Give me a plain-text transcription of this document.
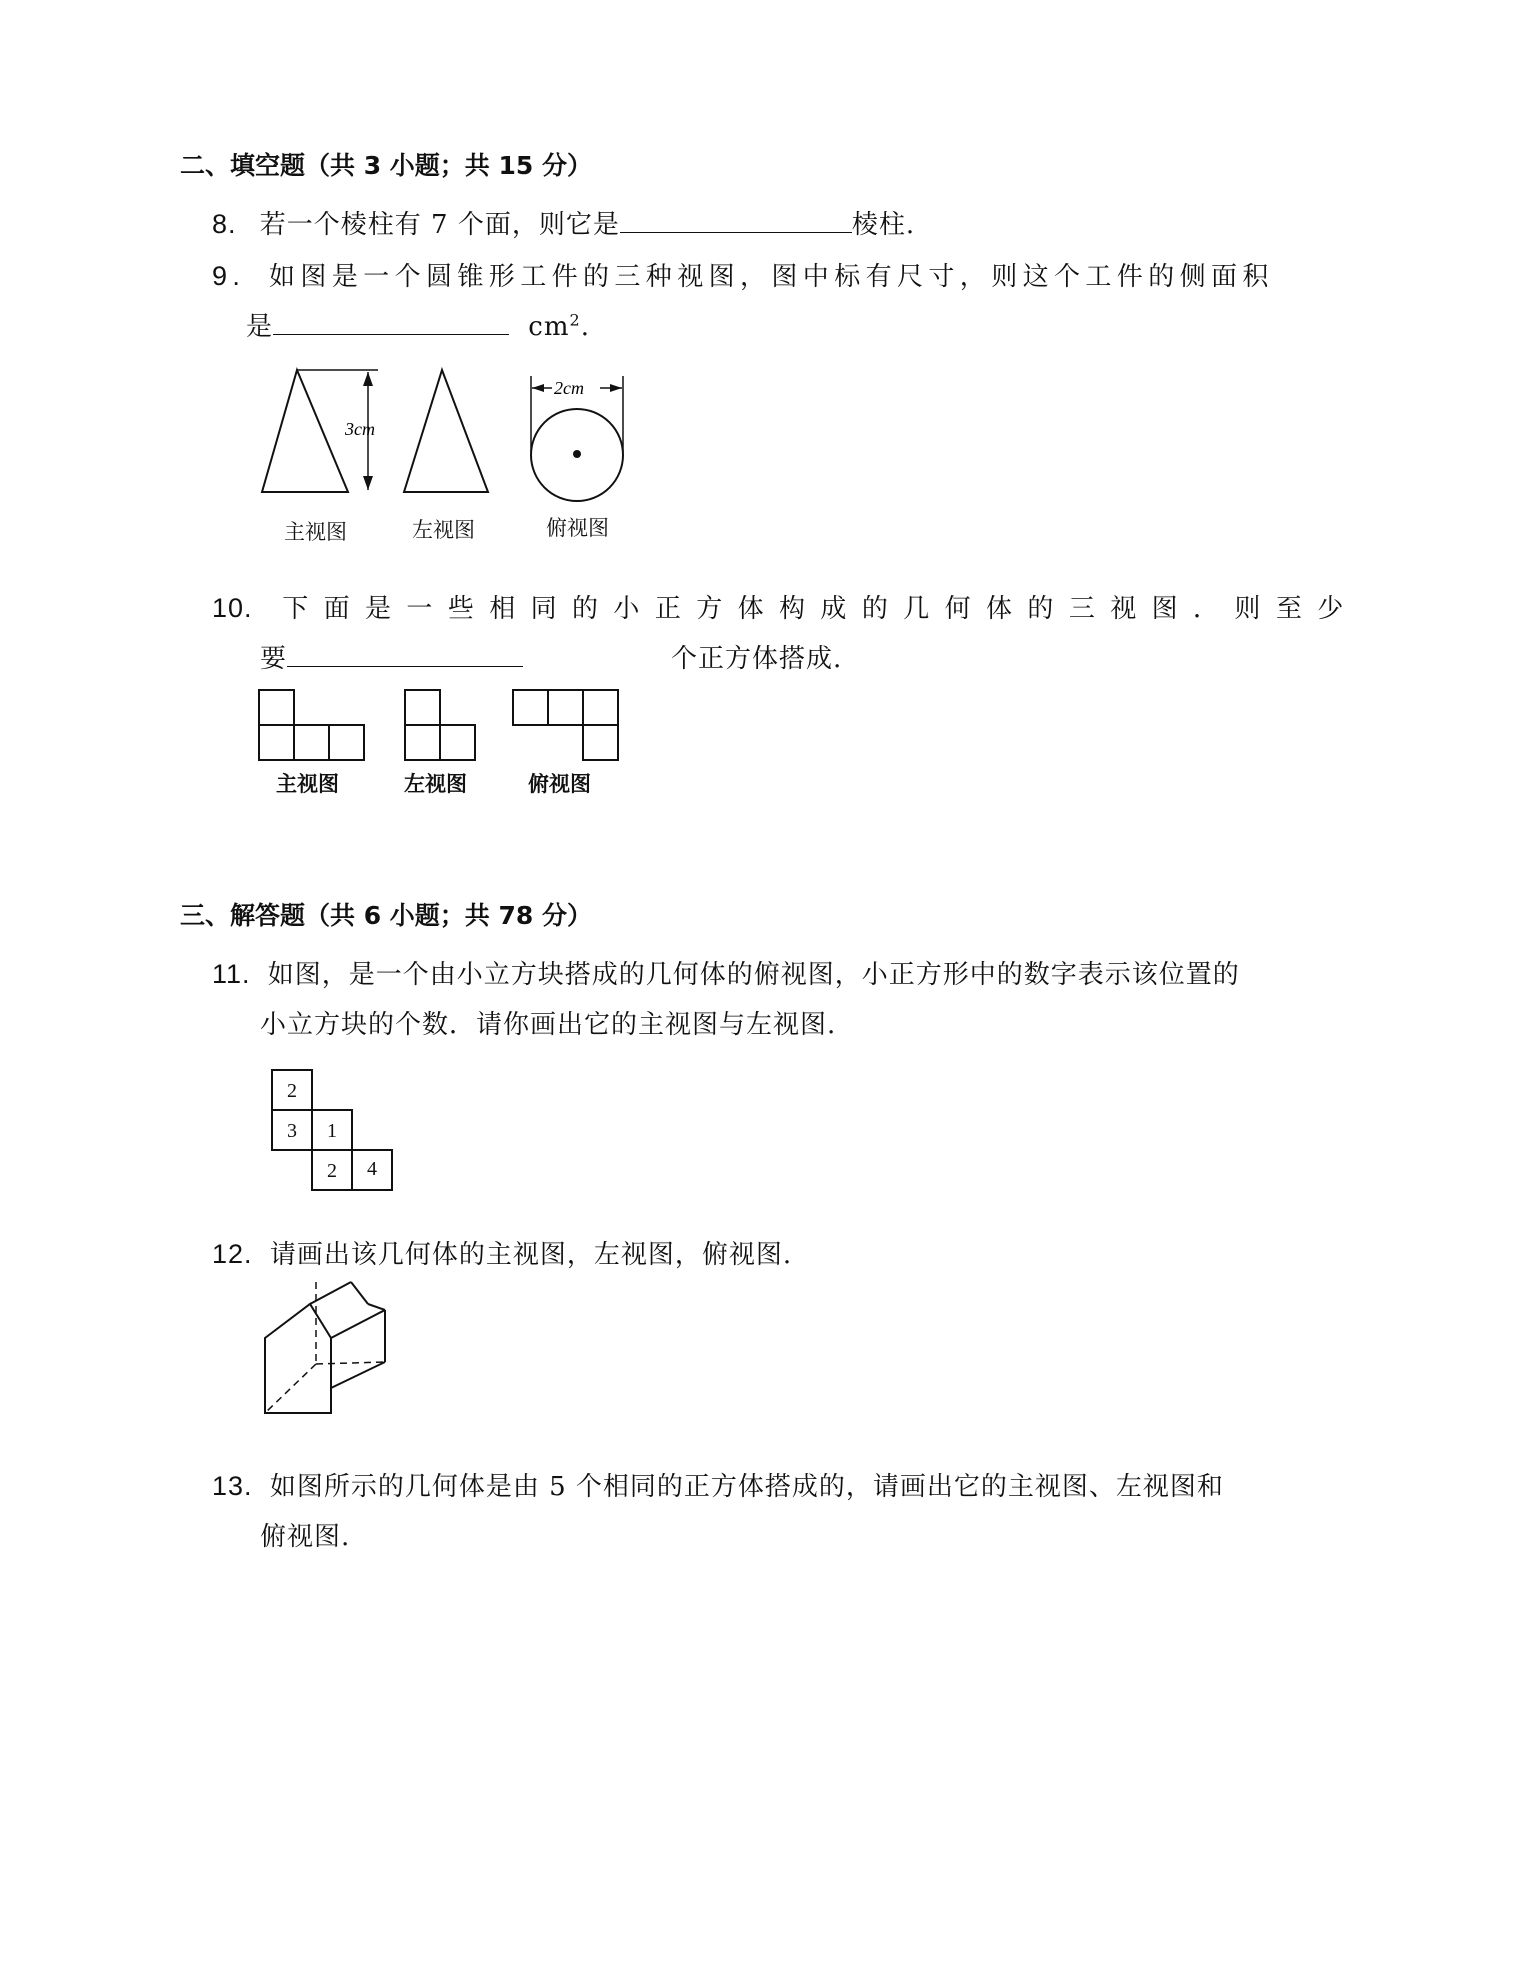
二、填空题（共 3 小题；共 15 分）
8. 若一个棱柱有 7 个面，则它是	棱柱.
9. 如图是一个圆锥形工件的三种视图，图中标有尺寸，则这个工件的侧面积
是	$cm^2$.
3cm
2cm
主视图	左视图	俯视图
10. 下面是一些相同的小正方体构成的几何体的三视图．则至少
要	个正方体搭成.
主视图	左视图	俯视图
三、解答题（共 6 小题；共 78 分）
11. 如图，是一个由小立方块搭成的几何体的俯视图，小正方形中的数字表示该位置的
小立方块的个数．请你画出它的主视图与左视图.
2
3 1
2 4
12. 请画出该几何体的主视图，左视图，俯视图.
13. 如图所示的几何体是由 5 个相同的正方体搭成的，请画出它的主视图、左视图和
俯视图.
